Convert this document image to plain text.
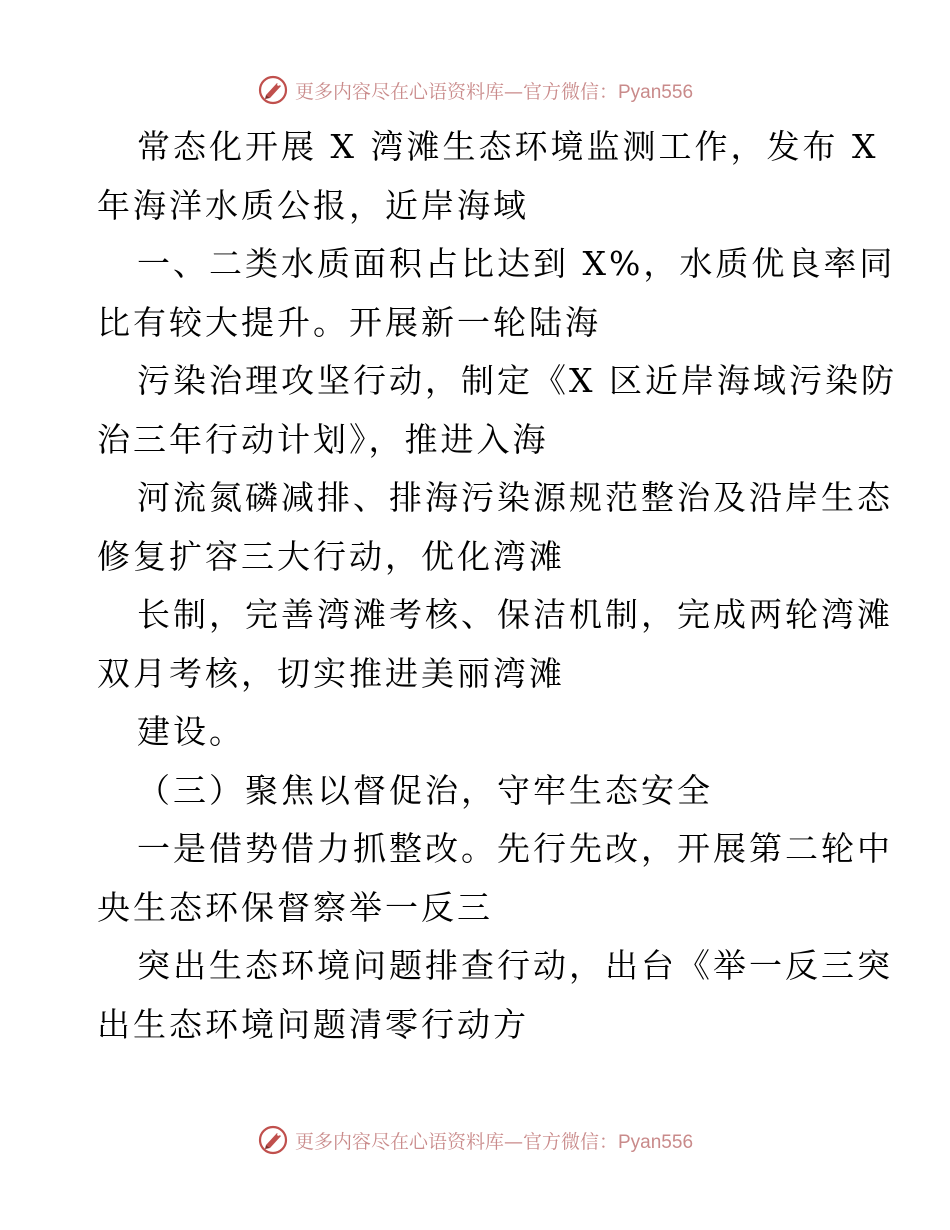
更多内容尽在心语资料库—官方微信：Pyan556
常态化开展 X 湾滩生态环境监测工作，发布 X
年海洋水质公报，近岸海域
一、二类水质面积占比达到 X%，水质优良率同
比有较大提升。开展新一轮陆海
污染治理攻坚行动，制定《X 区近岸海域污染防
治三年行动计划》，推进入海
河流氮磷减排、排海污染源规范整治及沿岸生态
修复扩容三大行动，优化湾滩
长制，完善湾滩考核、保洁机制，完成两轮湾滩
双月考核，切实推进美丽湾滩
建设。
（三）聚焦以督促治，守牢生态安全
一是借势借力抓整改。先行先改，开展第二轮中
央生态环保督察举一反三
突出生态环境问题排查行动，出台《举一反三突
出生态环境问题清零行动方
更多内容尽在心语资料库—官方微信：Pyan556
